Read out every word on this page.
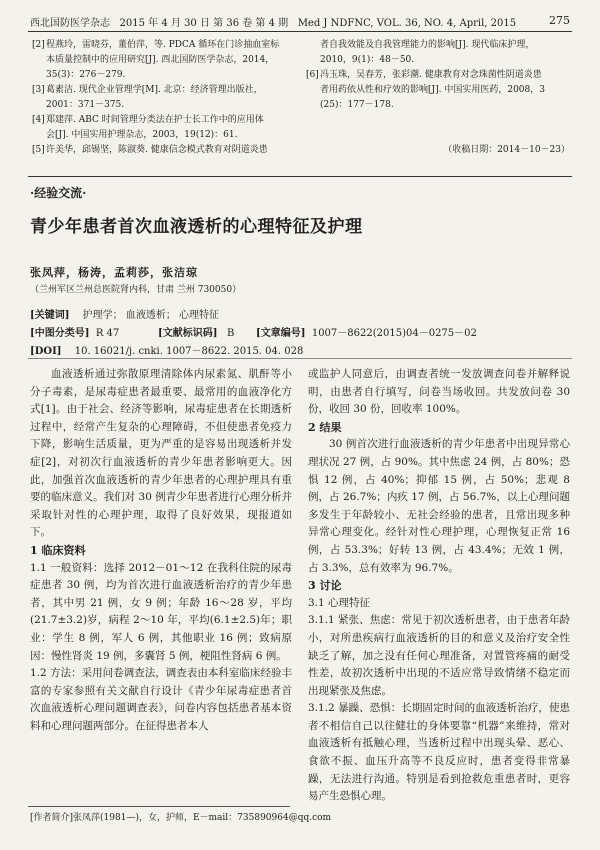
西北国防医学杂志 2015 年 4 月 30 日 第 36 卷 第 4 期 Med J NDFNC, VOL. 36, NO. 4, April, 2015	275
[2] 程燕玲，雷晓芬，董伯萍，等. PDCA 循环在门诊抽血室标
本质量控制中的应用研究[J]. 西北国防医学杂志，2014，
35(3)：276－279.
[3] 葛素洁. 现代企业管理学[M]. 北京：经济管理出版社，
2001：371－375.
[4] 郑建萍. ABC 时间管理分类法在护士长工作中的应用体
会[J]. 中国实用护理杂志，2003，19(12)：61.
[5] 许美华，邱锡坚，陈淑葵. 健康信念模式教育对阴道炎患
者自我效能及自我管理能力的影响[J]. 现代临床护理，
2010，9(1)：48－50.
[6] 冯玉珠，吴春芳，张彩潮. 健康教育对念珠菌性阴道炎患
者用药依从性和疗效的影响[J]. 中国实用医药，2008，3
(25)：177－178.
（收稿日期：2014－10－23）
·经验交流·
青少年患者首次血液透析的心理特征及护理
张凤萍，杨涛，孟莉莎，张洁琼
（兰州军区兰州总医院肾内科，甘肃 兰州 730050）
[关键词] 护理学； 血液透析； 心理特征
[中图分类号] R 47	[文献标识码] B [文章编号] 1007－8622(2015)04－0275－02
[DOI] 10. 16021/j. cnki. 1007－8622. 2015. 04. 028

血液透析通过弥散原理清除体内尿素氮、肌酐等小分子毒素，是尿毒症患者最重要、最常用的血液净化方式[1]。由于社会、经济等影响，尿毒症患者在长期透析过程中，经常产生复杂的心理障碍，不但使患者免疫力下降，影响生活质量，更为严重的是容易出现透析并发症[2]，对初次行血液透析的青少年患者影响更大。因此，加强首次血液透析的青少年患者的心理护理具有重要的临床意义。我们对 30 例青少年患者进行心理分析并采取针对性的心理护理，取得了良好效果，现报道如下。

1 临床资料

1.1 一般资料：选择 2012－01～12 在我科住院的尿毒症患者 30 例，均为首次进行血液透析治疗的青少年患者，其中男 21 例，女 9 例；年龄 16～28 岁，平均(21.7±3.2)岁，病程 2～10 年，平均(6.1±2.5)年；职业：学生 8 例，军人 6 例，其他职业 16 例；致病原因：慢性肾炎 19 例，多囊肾 5 例，梗阻性肾病 6 例。

1.2 方法：采用问卷调查法，调查表由本科室临床经验丰富的专家参照有关文献自行设计《青少年尿毒症患者首次血液透析心理问题调查表》，问卷内容包括患者基本资料和心理问题两部分。在征得患者本人

或监护人同意后，由调查者统一发放调查问卷并解释说明，由患者自行填写，问卷当场收回。共发放问卷 30 份，收回 30 份，回收率 100%。

2 结果

30 例首次进行血液透析的青少年患者中出现异常心理状况 27 例，占 90%。其中焦虑 24 例，占 80%；恐惧 12 例，占 40%；抑郁 15 例，占 50%；悲观 8 例，占 26.7%；内疚 17 例，占 56.7%，以上心理问题多发生于年龄较小、无社会经验的患者，且常出现多种异常心理变化。经针对性心理护理，心理恢复正常 16 例，占 53.3%；好转 13 例，占 43.4%；无效 1 例，占 3.3%，总有效率为 96.7%。

3 讨论

3.1 心理特征

3.1.1 紧张、焦虑：常见于初次透析患者，由于患者年龄小，对所患疾病行血液透析的目的和意义及治疗安全性缺乏了解，加之没有任何心理准备，对置管疼痛的耐受性差，故初次透析中出现的不适应常导致情绪不稳定而出现紧张及焦虑。

3.1.2 暴躁、恐惧：长期固定时间的血液透析治疗，使患者不相信自己以往健壮的身体要靠“机器”来维持，常对血液透析有抵触心理，当透析过程中出现头晕、恶心、食欲不振、血压升高等不良反应时，患者变得非常暴躁，无法进行沟通。特别是看到抢救危重患者时，更容易产生恐惧心理。

[作者简介]张凤萍(1981—)，女，护师，E－mail：735890964@qq.com
